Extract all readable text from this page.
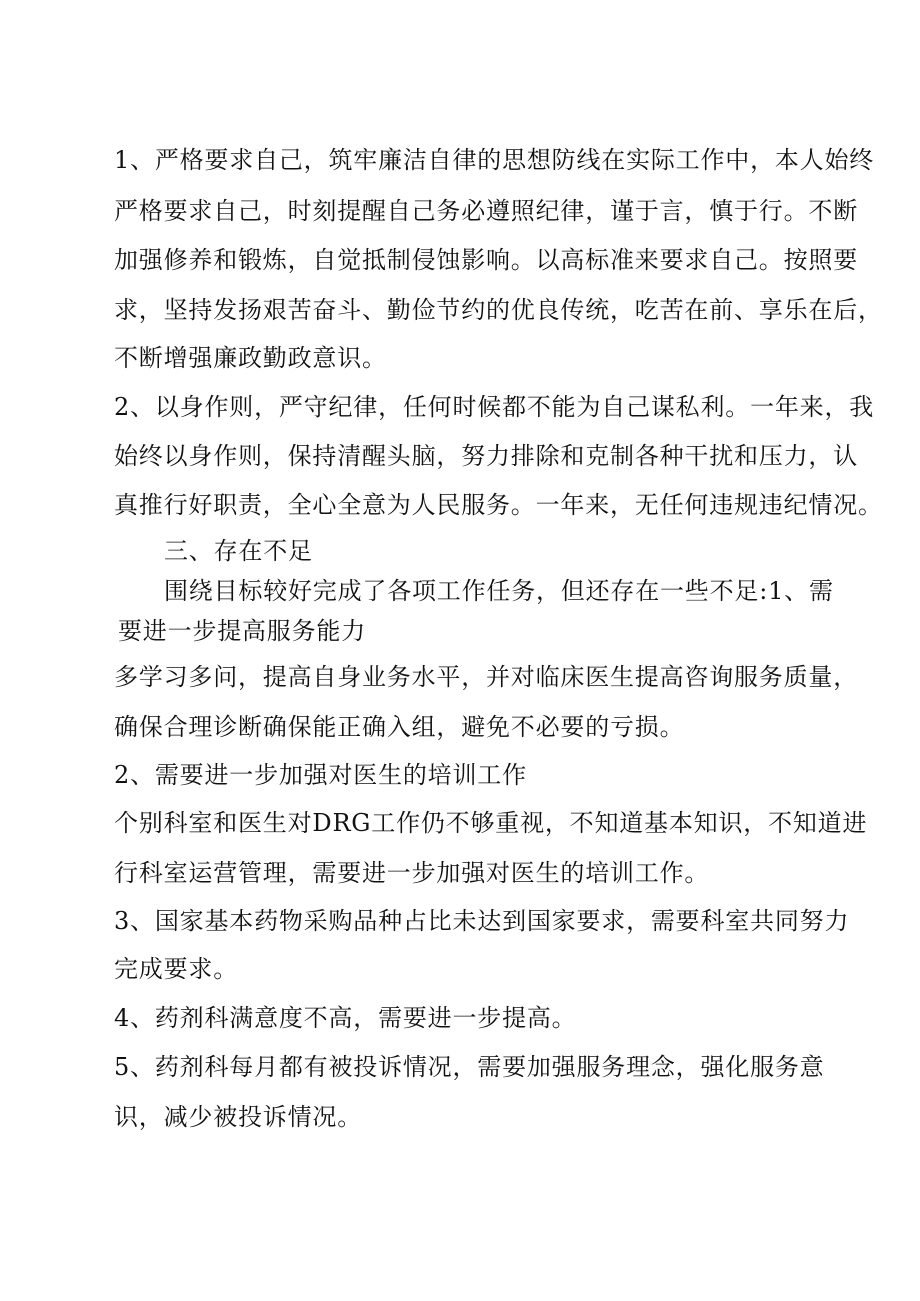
1、严格要求自己，筑牢廉洁自律的思想防线在实际工作中，本人始终
严格要求自己，时刻提醒自己务必遵照纪律，谨于言，慎于行。不断
加强修养和锻炼，自觉抵制侵蚀影响。以高标准来要求自己。按照要
求，坚持发扬艰苦奋斗、勤俭节约的优良传统，吃苦在前、享乐在后，
不断增强廉政勤政意识。
2、以身作则，严守纪律，任何时候都不能为自己谋私利。一年来，我
始终以身作则，保持清醒头脑，努力排除和克制各种干扰和压力，认
真推行好职责，全心全意为人民服务。一年来，无任何违规违纪情况。
三、存在不足
围绕目标较好完成了各项工作任务，但还存在一些不足:1、需
要进一步提高服务能力
多学习多问，提高自身业务水平，并对临床医生提高咨询服务质量，
确保合理诊断确保能正确入组，避免不必要的亏损。
2、需要进一步加强对医生的培训工作
个别科室和医生对DRG工作仍不够重视，不知道基本知识，不知道进
行科室运营管理，需要进一步加强对医生的培训工作。
3、国家基本药物采购品种占比未达到国家要求，需要科室共同努力
完成要求。
4、药剂科满意度不高，需要进一步提高。
5、药剂科每月都有被投诉情况，需要加强服务理念，强化服务意
识，减少被投诉情况。
